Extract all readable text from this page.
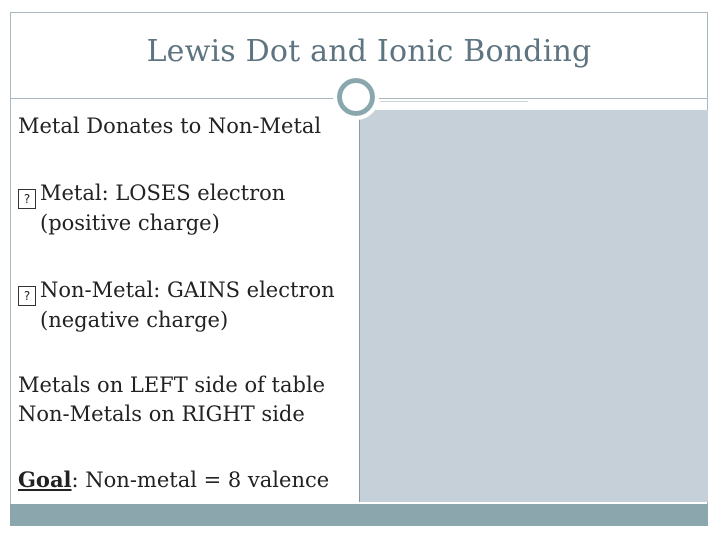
Lewis Dot and Ionic Bonding
Metal Donates to Non-Metal
? Metal: LOSES electron
(positive charge)
? Non-Metal: GAINS electron
(negative charge)
Metals on LEFT side of table
Non-Metals on RIGHT side
Goal: Non-metal = 8 valence
